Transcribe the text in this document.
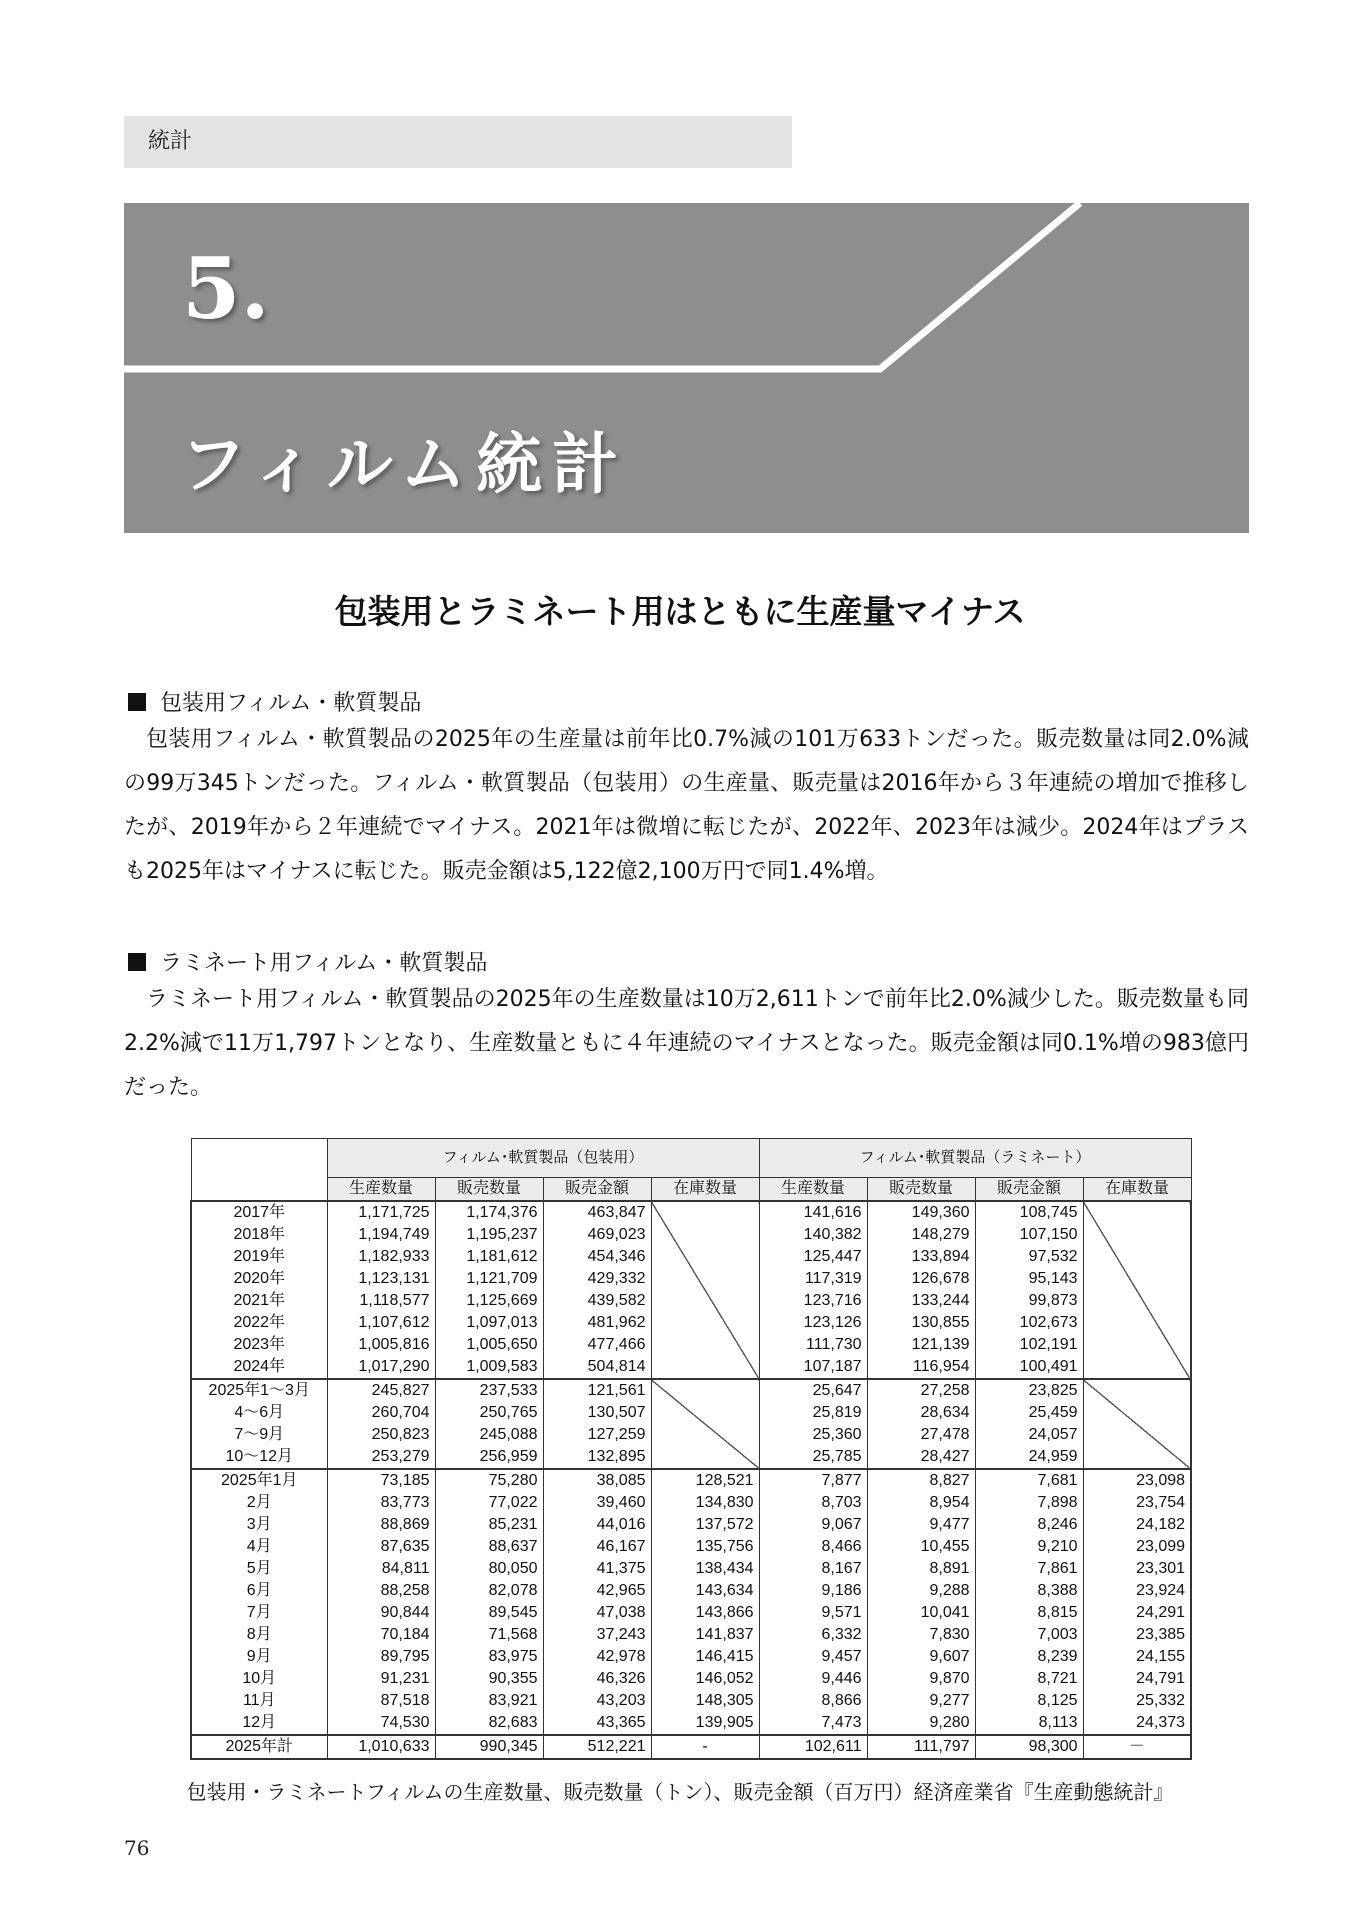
統計
5.
フィルム統計
包装用とラミネート用はともに生産量マイナス
包装用フィルム・軟質製品
包装用フィルム・軟質製品の2025年の生産量は前年比0.7%減の101万633トンだった。販売数量は同2.0%減の99万345トンだった。フィルム・軟質製品（包装用）の生産量、販売量は2016年から３年連続の増加で推移したが、2019年から２年連続でマイナス。2021年は微増に転じたが、2022年、2023年は減少。2024年はプラスも2025年はマイナスに転じた。販売金額は5,122億2,100万円で同1.4%増。
ラミネート用フィルム・軟質製品
ラミネート用フィルム・軟質製品の2025年の生産数量は10万2,611トンで前年比2.0%減少した。販売数量も同2.2%減で11万1,797トンとなり、生産数量ともに４年連続のマイナスとなった。販売金額は同0.1%増の983億円だった。
	フィルム･軟質製品（包装用）				フィルム･軟質製品（ラミネート）			
	生産数量	販売数量	販売金額	在庫数量	生産数量	販売数量	販売金額	在庫数量
2017年	1,171,725	1,174,376	463,847		141,616	149,360	108,745	
2018年	1,194,749	1,195,237	469,023		140,382	148,279	107,150	
2019年	1,182,933	1,181,612	454,346		125,447	133,894	97,532	
2020年	1,123,131	1,121,709	429,332		117,319	126,678	95,143	
2021年	1,118,577	1,125,669	439,582		123,716	133,244	99,873	
2022年	1,107,612	1,097,013	481,962		123,126	130,855	102,673	
2023年	1,005,816	1,005,650	477,466		111,730	121,139	102,191	
2024年	1,017,290	1,009,583	504,814		107,187	116,954	100,491	
2025年1～3月	245,827	237,533	121,561		25,647	27,258	23,825	
4～6月	260,704	250,765	130,507		25,819	28,634	25,459	
7～9月	250,823	245,088	127,259		25,360	27,478	24,057	
10～12月	253,279	256,959	132,895		25,785	28,427	24,959	
2025年1月	73,185	75,280	38,085	128,521	7,877	8,827	7,681	23,098
2月	83,773	77,022	39,460	134,830	8,703	8,954	7,898	23,754
3月	88,869	85,231	44,016	137,572	9,067	9,477	8,246	24,182
4月	87,635	88,637	46,167	135,756	8,466	10,455	9,210	23,099
5月	84,811	80,050	41,375	138,434	8,167	8,891	7,861	23,301
6月	88,258	82,078	42,965	143,634	9,186	9,288	8,388	23,924
7月	90,844	89,545	47,038	143,866	9,571	10,041	8,815	24,291
8月	70,184	71,568	37,243	141,837	6,332	7,830	7,003	23,385
9月	89,795	83,975	42,978	146,415	9,457	9,607	8,239	24,155
10月	91,231	90,355	46,326	146,052	9,446	9,870	8,721	24,791
11月	87,518	83,921	43,203	148,305	8,866	9,277	8,125	25,332
12月	74,530	82,683	43,365	139,905	7,473	9,280	8,113	24,373
2025年計	1,010,633	990,345	512,221	-	102,611	111,797	98,300	－
包装用・ラミネートフィルムの生産数量、販売数量（トン）、販売金額（百万円）経済産業省『生産動態統計』
76
